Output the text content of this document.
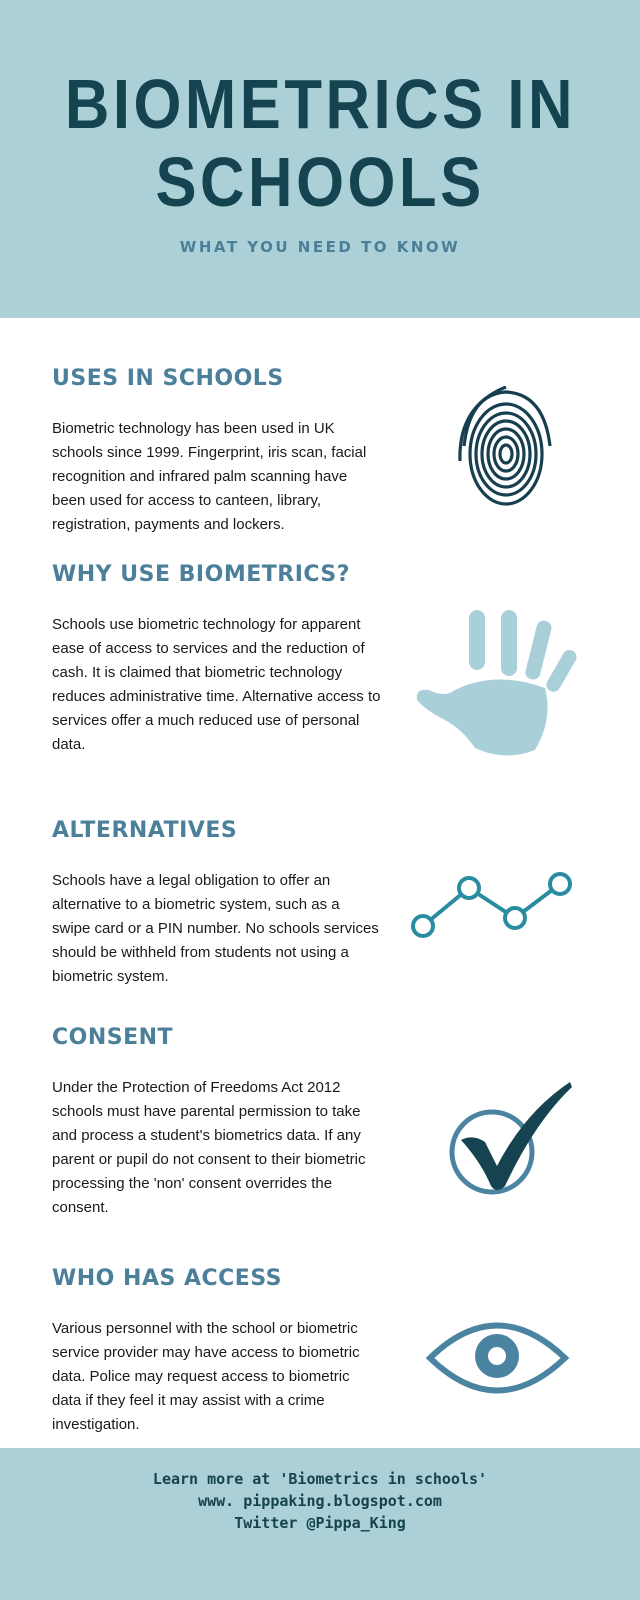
BIOMETRICS IN
SCHOOLS
WHAT YOU NEED TO KNOW
USES IN SCHOOLS

Biometric technology has been used in UK schools since 1999. Fingerprint, iris scan, facial recognition and infrared palm scanning have been used for access to canteen, library, registration, payments and lockers.

WHY USE BIOMETRICS?

Schools use biometric technology for apparent ease of access to services and the reduction of cash. It is claimed that biometric technology reduces administrative time. Alternative access to services offer a much reduced use of personal data.

ALTERNATIVES

Schools have a legal obligation to offer an alternative to a biometric system, such as a swipe card or a PIN number. No schools services should be withheld from students not using a biometric system.

CONSENT

Under the Protection of Freedoms Act 2012 schools must have parental permission to take and process a student's biometrics data. If any parent or pupil do not consent to their biometric processing the 'non' consent overrides the consent.

WHO HAS ACCESS

Various personnel with the school or biometric service provider may have access to biometric data. Police may request access to biometric data if they feel it may assist with a crime investigation.

Learn more at 'Biometrics in schools'
www. pippaking.blogspot.com
Twitter @Pippa_King
